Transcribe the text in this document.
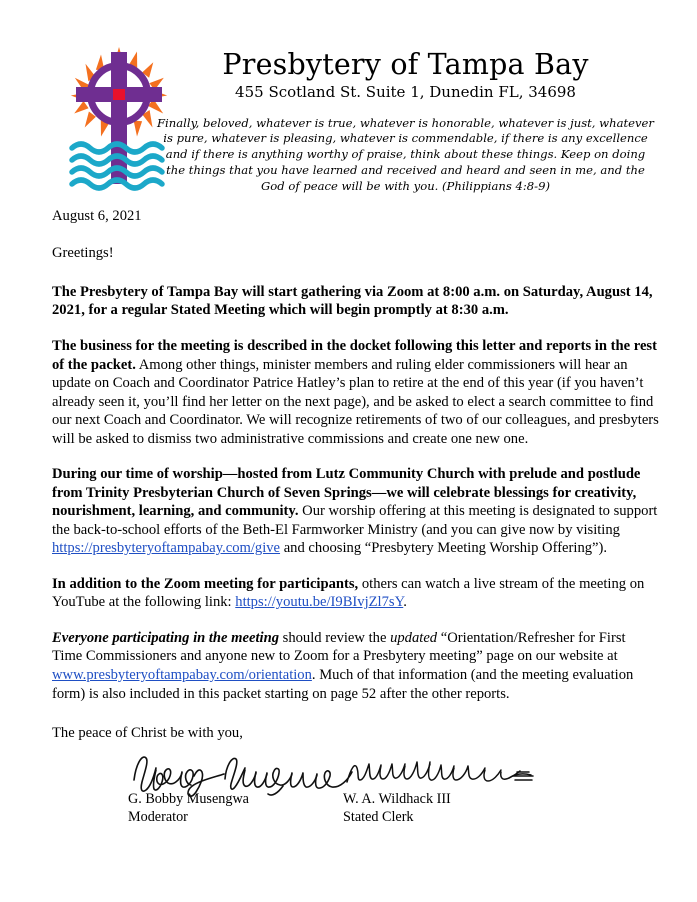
Presbytery of Tampa Bay
455 Scotland St. Suite 1, Dunedin FL, 34698
Finally, beloved, whatever is true, whatever is honorable, whatever is just, whatever is pure, whatever is pleasing, whatever is commendable, if there is any excellence and if there is anything worthy of praise, think about these things. Keep on doing the things that you have learned and received and heard and seen in me, and the God of peace will be with you. (Philippians 4:8-9)
August 6, 2021
Greetings!

The Presbytery of Tampa Bay will start gathering via Zoom at 8:00 a.m. on Saturday, August 14, 2021, for a regular Stated Meeting which will begin promptly at 8:30 a.m.

The business for the meeting is described in the docket following this letter and reports in the rest of the packet. Among other things, minister members and ruling elder commissioners will hear an update on Coach and Coordinator Patrice Hatley’s plan to retire at the end of this year (if you haven’t already seen it, you’ll find her letter on the next page), and be asked to elect a search committee to find our next Coach and Coordinator. We will recognize retirements of two of our colleagues, and presbyters will be asked to dismiss two administrative commissions and create one new one.

During our time of worship—hosted from Lutz Community Church with prelude and postlude from Trinity Presbyterian Church of Seven Springs—we will celebrate blessings for creativity, nourishment, learning, and community. Our worship offering at this meeting is designated to support the back-to-school efforts of the Beth-El Farmworker Ministry (and you can give now by visiting https://presbyteryoftampabay.com/give and choosing “Presbytery Meeting Worship Offering”).

In addition to the Zoom meeting for participants, others can watch a live stream of the meeting on YouTube at the following link: https://youtu.be/I9BIvjZl7sY.

Everyone participating in the meeting should review the updated “Orientation/Refresher for First Time Commissioners and anyone new to Zoom for a Presbytery meeting” page on our website at www.presbyteryoftampabay.com/orientation. Much of that information (and the meeting evaluation form) is also included in this packet starting on page 52 after the other reports.

The peace of Christ be with you,
G. Bobby Musengwa
Moderator
W. A. Wildhack III
Stated Clerk
